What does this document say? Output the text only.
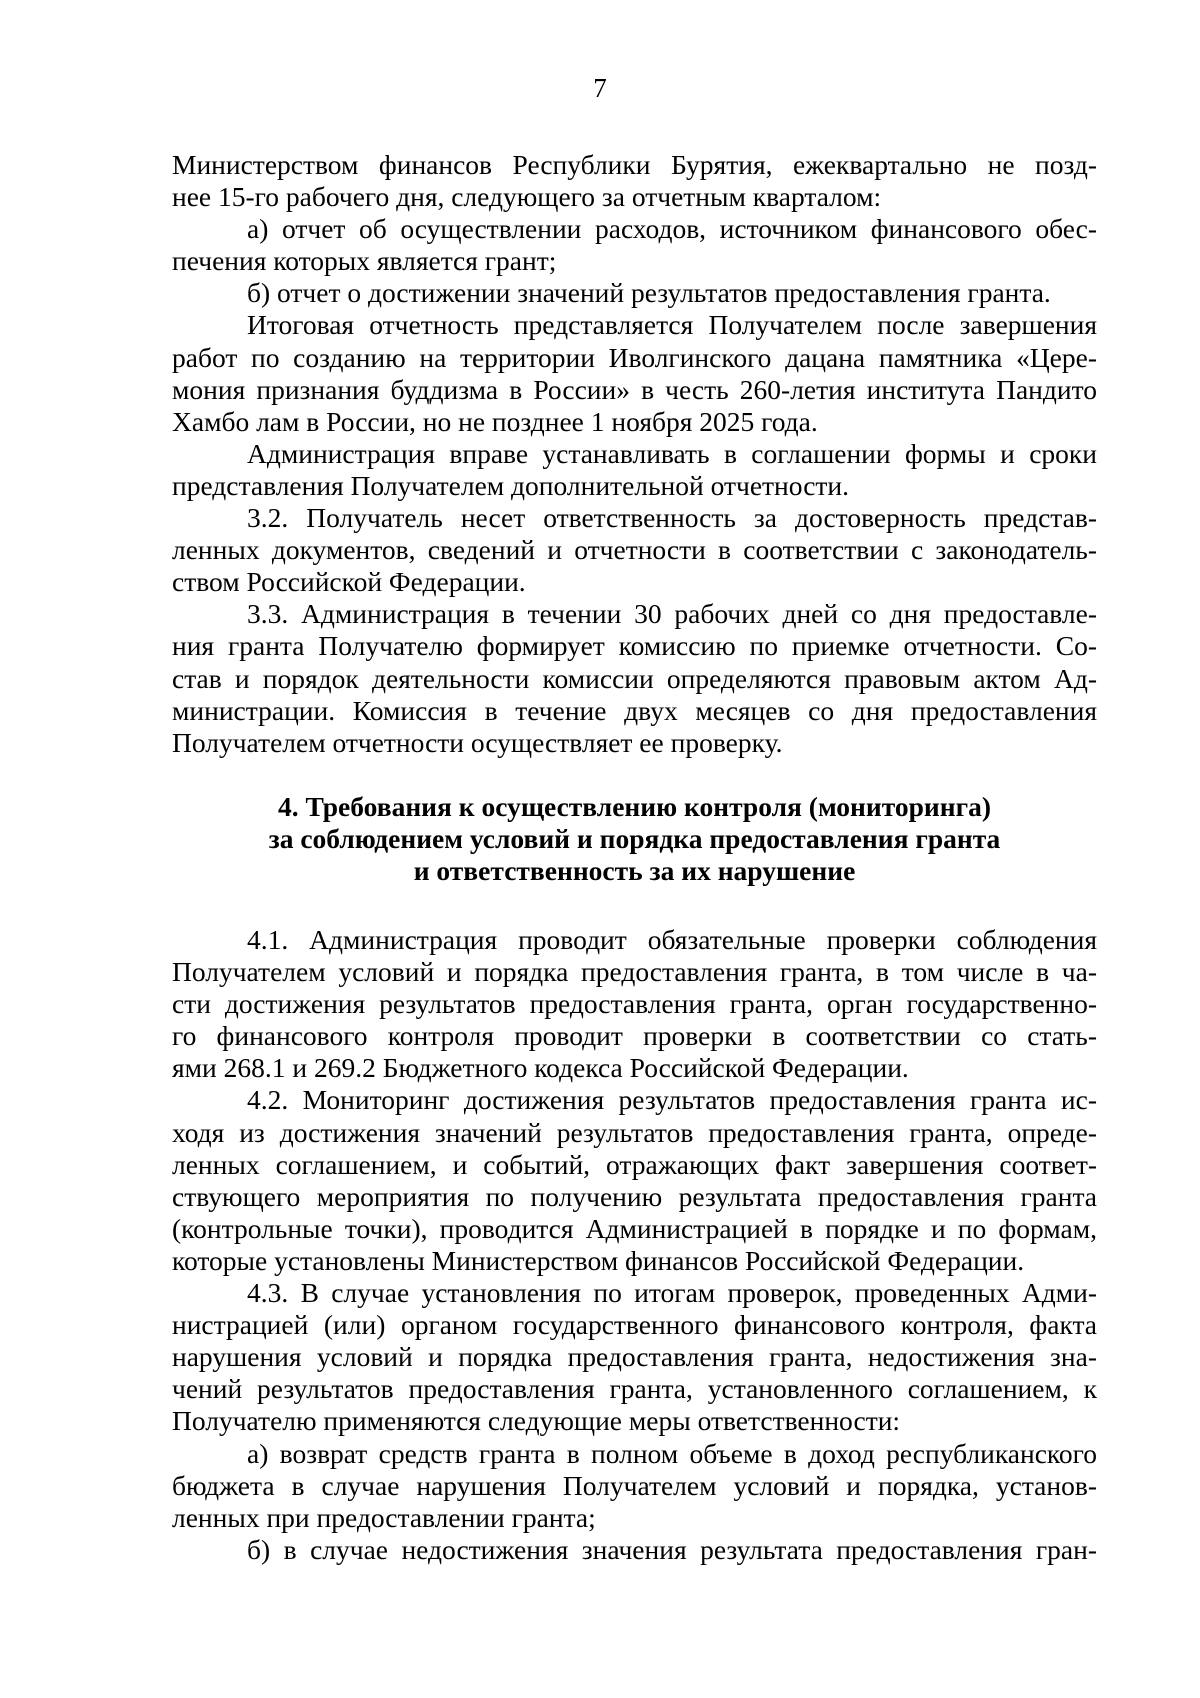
7
Министерством финансов Республики Бурятия, ежеквартально не позд-
нее 15-го рабочего дня, следующего за отчетным кварталом:
а) отчет об осуществлении расходов, источником финансового обес-
печения которых является грант;
б) отчет о достижении значений результатов предоставления гранта.
Итоговая отчетность представляется Получателем после завершения
работ по созданию на территории Иволгинского дацана памятника «Цере-
мония признания буддизма в России» в честь 260-летия института Пандито
Хамбо лам в России, но не позднее 1 ноября 2025 года.
Администрация вправе устанавливать в соглашении формы и сроки
представления Получателем дополнительной отчетности.
3.2. Получатель несет ответственность за достоверность представ-
ленных документов, сведений и отчетности в соответствии с законодатель-
ством Российской Федерации.
3.3. Администрация в течении 30 рабочих дней со дня предоставле-
ния гранта Получателю формирует комиссию по приемке отчетности. Со-
став и порядок деятельности комиссии определяются правовым актом Ад-
министрации. Комиссия в течение двух месяцев со дня предоставления
Получателем отчетности осуществляет ее проверку.
4. Требования к осуществлению контроля (мониторинга)
за соблюдением условий и порядка предоставления гранта
и ответственность за их нарушение
4.1. Администрация проводит обязательные проверки соблюдения
Получателем условий и порядка предоставления гранта, в том числе в ча-
сти достижения результатов предоставления гранта, орган государственно-
го финансового контроля проводит проверки в соответствии со стать-
ями 268.1 и 269.2 Бюджетного кодекса Российской Федерации.
4.2. Мониторинг достижения результатов предоставления гранта ис-
ходя из достижения значений результатов предоставления гранта, опреде-
ленных соглашением, и событий, отражающих факт завершения соответ-
ствующего мероприятия по получению результата предоставления гранта
(контрольные точки), проводится Администрацией в порядке и по формам,
которые установлены Министерством финансов Российской Федерации.
4.3. В случае установления по итогам проверок, проведенных Адми-
нистрацией (или) органом государственного финансового контроля, факта
нарушения условий и порядка предоставления гранта, недостижения зна-
чений результатов предоставления гранта, установленного соглашением, к
Получателю применяются следующие меры ответственности:
а) возврат средств гранта в полном объеме в доход республиканского
бюджета в случае нарушения Получателем условий и порядка, установ-
ленных при предоставлении гранта;
б) в случае недостижения значения результата предоставления гран-
